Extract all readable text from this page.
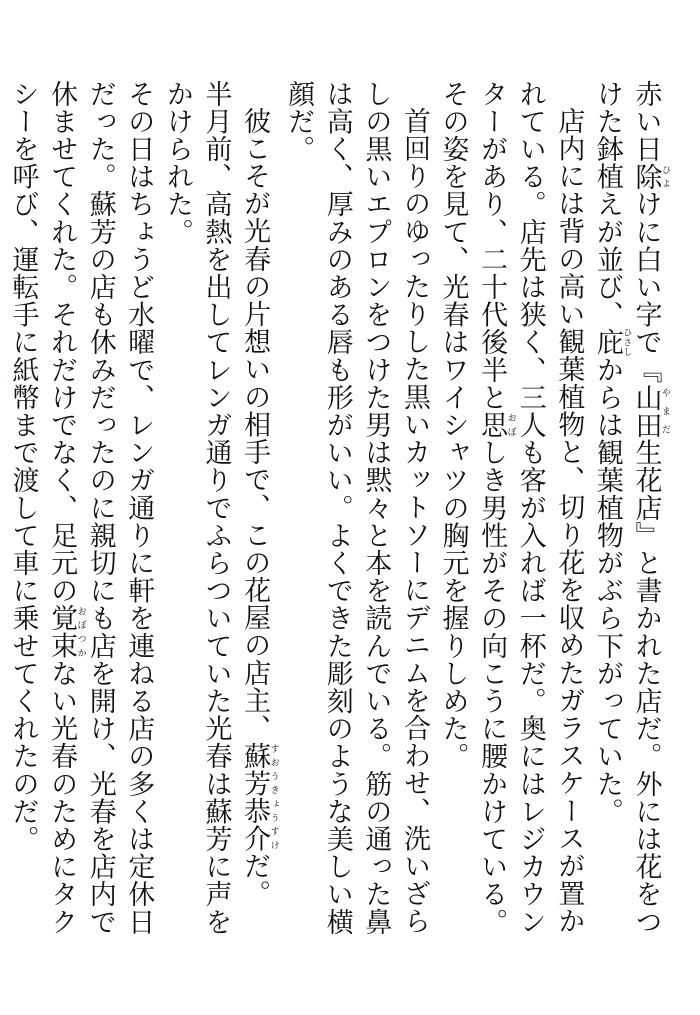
赤い日除ひよけに白い字で『山田やまだ生花店』と書かれた店だ。外には花をつけた鉢植えが並び、庇ひさしからは観葉植物がぶら下がっていた。

店内には背の高い観葉植物と、切り花を収めたガラスケースが置かれている。店先は狭く、三人も客が入れば一杯だ。奥にはレジカウンターがあり、二十代後半と思おぼしき男性がその向こうに腰かけている。その姿を見て、光春はワイシャツの胸元を握りしめた。

首回りのゆったりした黒いカットソーにデニムを合わせ、洗いざらしの黒いエプロンをつけた男は黙々と本を読んでいる。筋の通った鼻は高く、厚みのある唇も形がいい。よくできた彫刻のような美しい横顔だ。

彼こそが光春の片想いの相手で、この花屋の店主、蘇芳恭介すおうきょうすけだ。

半月前、高熱を出してレンガ通りでふらついていた光春は蘇芳に声をかけられた。

その日はちょうど水曜で、レンガ通りに軒を連ねる店の多くは定休日だった。蘇芳の店も休みだったのに親切にも店を開け、光春を店内で休ませてくれた。それだけでなく、足元の覚束おぼつかない光春のためにタクシーを呼び、運転手に紙幣まで渡して車に乗せてくれたのだ。
